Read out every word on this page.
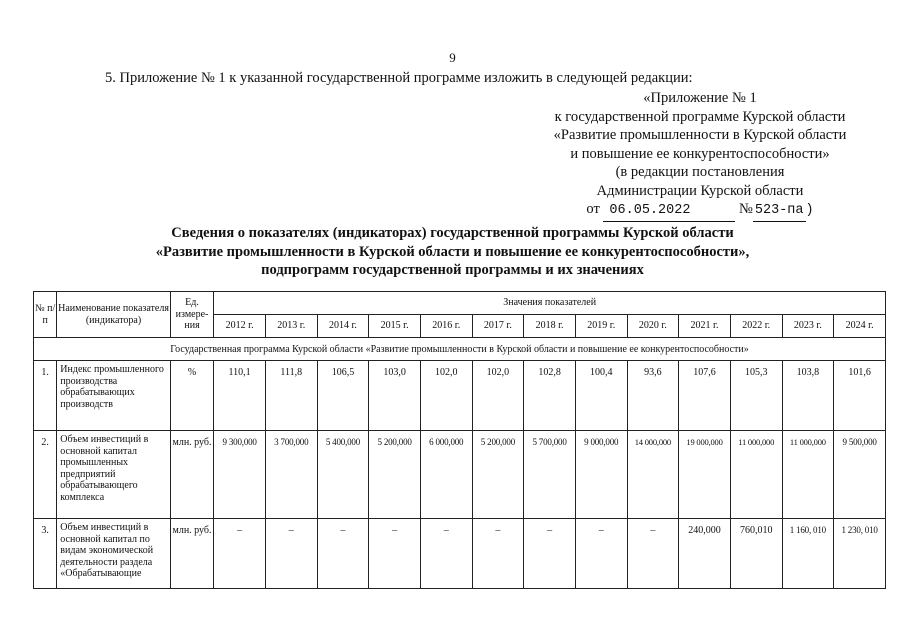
9
5. Приложение № 1 к указанной государственной программе изложить в следующей редакции:
«Приложение № 1
к государственной программе Курской области
«Развитие промышленности в Курской области
и повышение ее конкурентоспособности»
(в редакции постановления
Администрации Курской области
от 06.05.2022	№ 523-па )
Сведения о показателях (индикаторах) государственной программы Курской области
«Развитие промышленности в Курской области и повышение ее конкурентоспособности»,
подпрограмм государственной программы и их значениях
№ п/п	Наименование показателя (индикатора)	Ед. измере-ния	Значения показателей												
			2012 г.	2013 г.	2014 г.	2015 г.	2016 г.	2017 г.	2018 г.	2019 г.	2020 г.	2021 г.	2022 г.	2023 г.	2024 г.
Государственная программа Курской области «Развитие промышленности в Курской области и повышение ее конкурентоспособности»															
1.	Индекс промышленного производства обрабатывающих производств	%	110,1	111,8	106,5	103,0	102,0	102,0	102,8	100,4	93,6	107,6	105,3	103,8	101,6
2.	Объем инвестиций в основной капитал промышленных предприятий обрабатывающего комплекса	млн. руб.	9 300,000	3 700,000	5 400,000	5 200,000	6 000,000	5 200,000	5 700,000	9 000,000	14 000,000	19 000,000	11 000,000	11 000,000	9 500,000
3.	Объем инвестиций в основной капитал по видам экономической деятельности раздела «Обрабатывающие	млн. руб.	–	–	–	–	–	–	–	–	–	240,000	760,010	1 160, 010	1 230, 010
